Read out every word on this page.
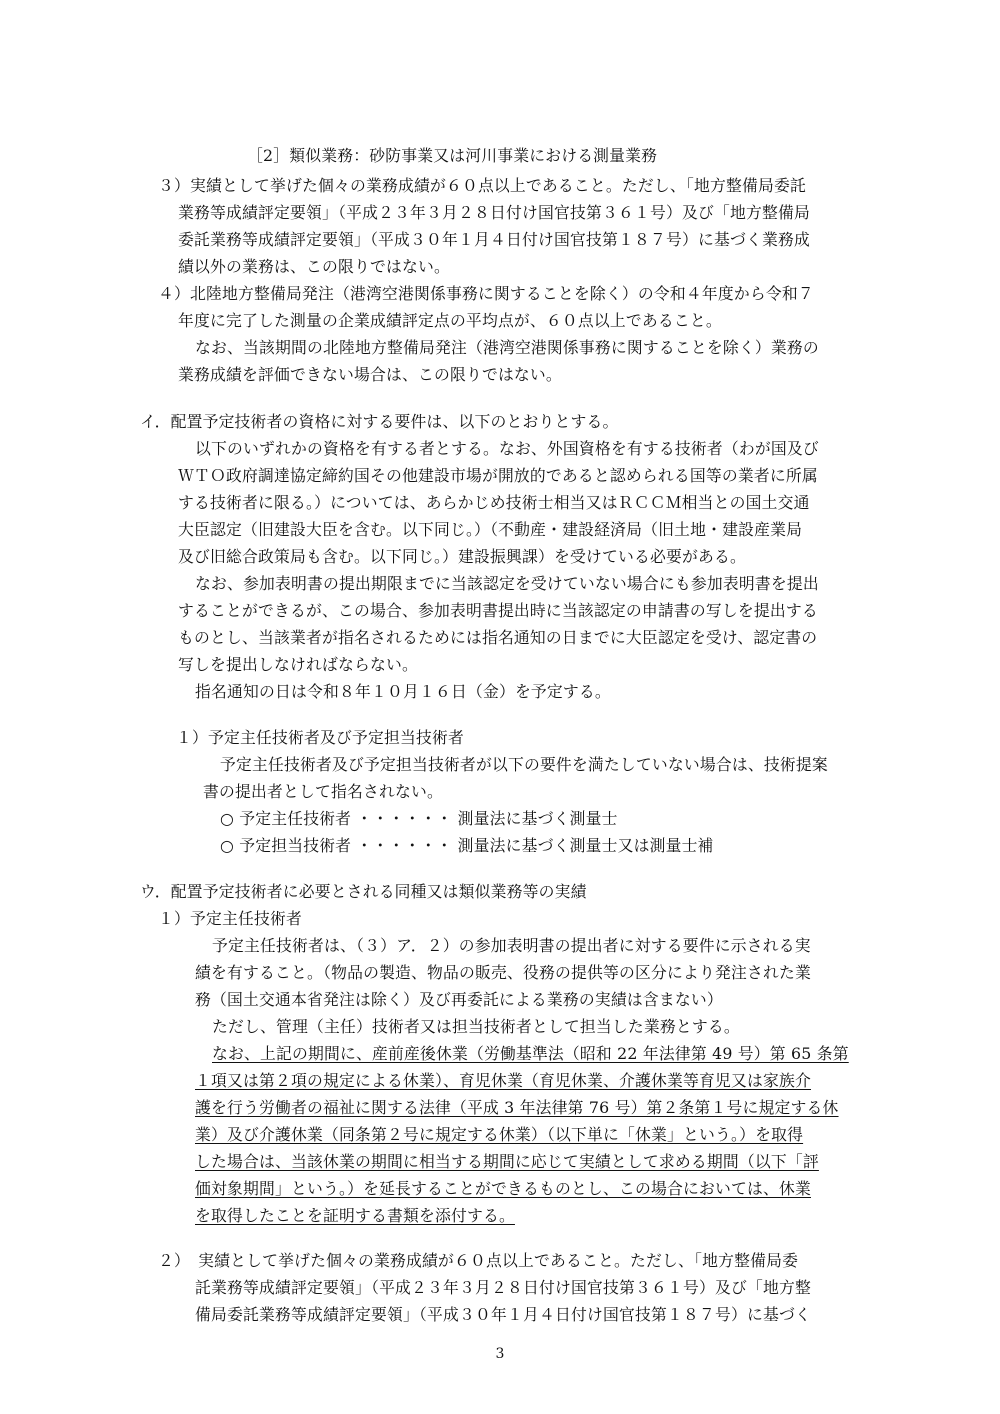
［2］類似業務：砂防事業又は河川事業における測量業務
３）実績として挙げた個々の業務成績が６０点以上であること。ただし、「地方整備局委託
業務等成績評定要領」（平成２３年３月２８日付け国官技第３６１号）及び「地方整備局
委託業務等成績評定要領」（平成３０年１月４日付け国官技第１８７号）に基づく業務成
績以外の業務は、この限りではない。
４）北陸地方整備局発注（港湾空港関係事務に関することを除く）の令和４年度から令和７
年度に完了した測量の企業成績評定点の平均点が、６０点以上であること。
なお、当該期間の北陸地方整備局発注（港湾空港関係事務に関することを除く）業務の
業務成績を評価できない場合は、この限りではない。
イ．配置予定技術者の資格に対する要件は、以下のとおりとする。
以下のいずれかの資格を有する者とする。なお、外国資格を有する技術者（わが国及び
ＷＴＯ政府調達協定締約国その他建設市場が開放的であると認められる国等の業者に所属
する技術者に限る。）については、あらかじめ技術士相当又はＲＣＣＭ相当との国土交通
大臣認定（旧建設大臣を含む。以下同じ。）（不動産・建設経済局（旧土地・建設産業局
及び旧総合政策局も含む。以下同じ。）建設振興課）を受けている必要がある。
なお、参加表明書の提出期限までに当該認定を受けていない場合にも参加表明書を提出
することができるが、この場合、参加表明書提出時に当該認定の申請書の写しを提出する
ものとし、当該業者が指名されるためには指名通知の日までに大臣認定を受け、認定書の
写しを提出しなければならない。
指名通知の日は令和８年１０月１６日（金）を予定する。
１）予定主任技術者及び予定担当技術者
予定主任技術者及び予定担当技術者が以下の要件を満たしていない場合は、技術提案
書の提出者として指名されない。
○ 予定主任技術者 ・・・・・・ 測量法に基づく測量士
○ 予定担当技術者 ・・・・・・ 測量法に基づく測量士又は測量士補
ウ．配置予定技術者に必要とされる同種又は類似業務等の実績
１）予定主任技術者
予定主任技術者は、（３）ア．２）の参加表明書の提出者に対する要件に示される実
績を有すること。（物品の製造、物品の販売、役務の提供等の区分により発注された業
務（国土交通本省発注は除く）及び再委託による業務の実績は含まない）
ただし、管理（主任）技術者又は担当技術者として担当した業務とする。
なお、上記の期間に、産前産後休業（労働基準法（昭和 22 年法律第 49 号）第 65 条第
１項又は第２項の規定による休業）、育児休業（育児休業、介護休業等育児又は家族介
護を行う労働者の福祉に関する法律（平成 3 年法律第 76 号）第２条第１号に規定する休
業）及び介護休業（同条第２号に規定する休業）（以下単に「休業」という。）を取得
した場合は、当該休業の期間に相当する期間に応じて実績として求める期間（以下「評
価対象期間」という。）を延長することができるものとし、この場合においては、休業
を取得したことを証明する書類を添付する。
２）　実績として挙げた個々の業務成績が６０点以上であること。ただし、「地方整備局委
託業務等成績評定要領」（平成２３年３月２８日付け国官技第３６１号）及び「地方整
備局委託業務等成績評定要領」（平成３０年１月４日付け国官技第１８７号）に基づく
3
